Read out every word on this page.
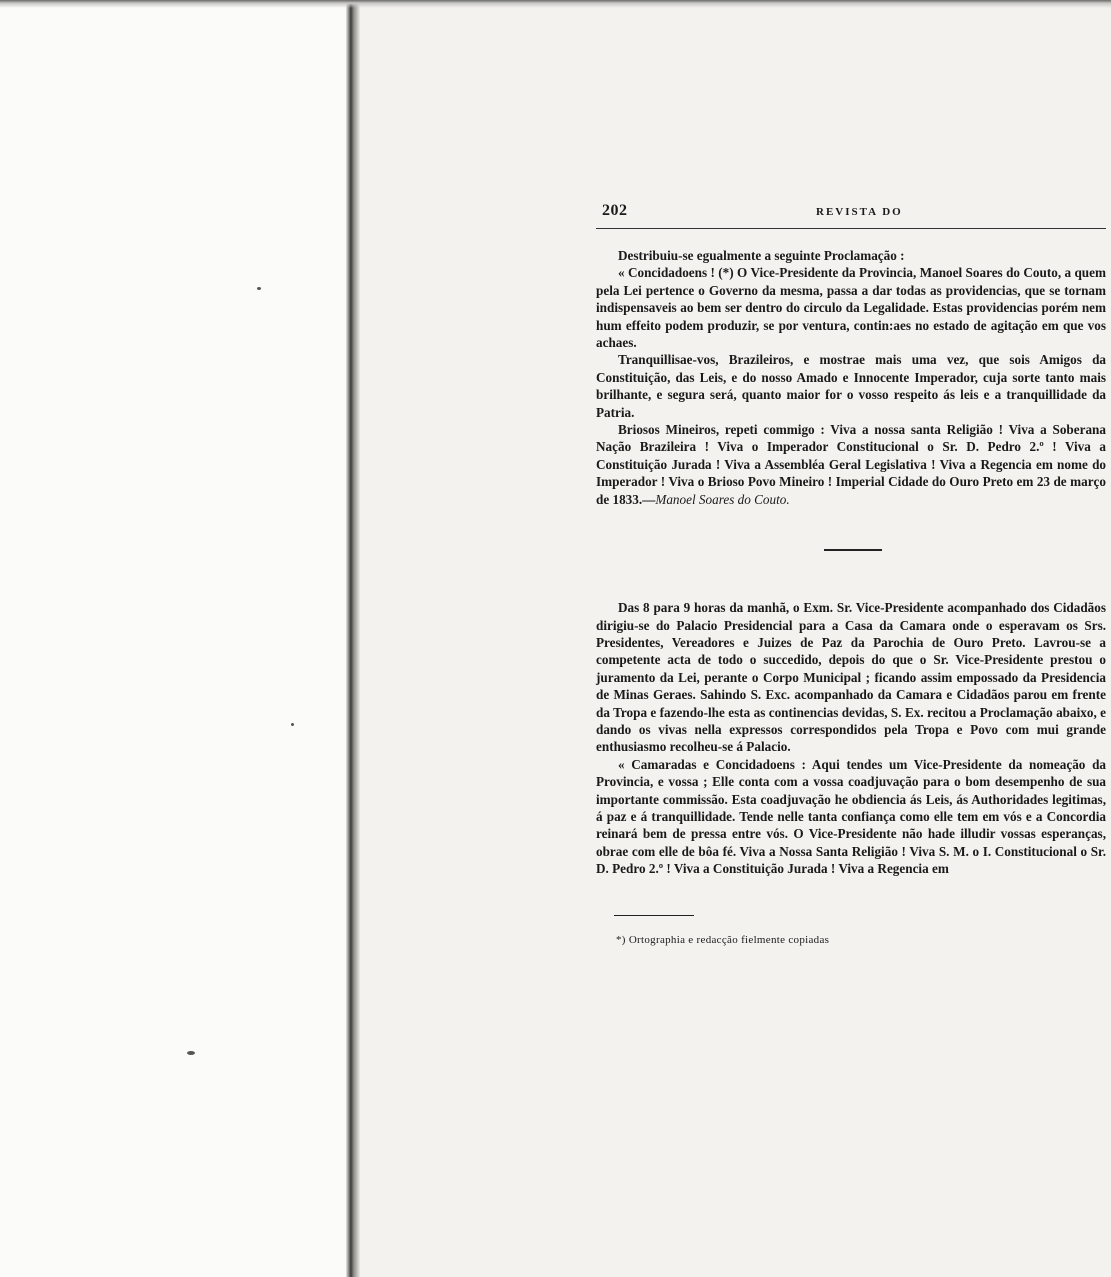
202	REVISTA DO

Destribuiu-se egualmente a seguinte Proclamação :

« Concidadoens ! (*) O Vice-Presidente da Provincia, Manoel Soares do Couto, a quem pela Lei pertence o Governo da mesma, passa a dar todas as providencias, que se tornam indispensaveis ao bem ser dentro do circulo da Legalidade. Estas providencias porém nem hum effeito podem produzir, se por ventura, contin:aes no estado de agitação em que vos achaes.

Tranquillisae-vos, Brazileiros, e mostrae mais uma vez, que sois Amigos da Constituição, das Leis, e do nosso Amado e Innocente Imperador, cuja sorte tanto mais brilhante, e segura será, quanto maior for o vosso respeito ás leis e a tranquillidade da Patria.

Briosos Mineiros, repeti commigo : Viva a nossa santa Religião ! Viva a Soberana Nação Brazileira ! Viva o Imperador Constitucional o Sr. D. Pedro 2.º ! Viva a Constituição Jurada ! Viva a Assembléa Geral Legislativa ! Viva a Regencia em nome do Imperador ! Viva o Brioso Povo Mineiro ! Imperial Cidade do Ouro Preto em 23 de março de 1833.—Manoel Soares do Couto.

Das 8 para 9 horas da manhã, o Exm. Sr. Vice-Presidente acompanhado dos Cidadãos dirigiu-se do Palacio Presidencial para a Casa da Camara onde o esperavam os Srs. Presidentes, Vereadores e Juizes de Paz da Parochia de Ouro Preto. Lavrou-se a competente acta de todo o succedido, depois do que o Sr. Vice-Presidente prestou o juramento da Lei, perante o Corpo Municipal ; ficando assim empossado da Presidencia de Minas Geraes. Sahindo S. Exc. acompanhado da Camara e Cidadãos parou em frente da Tropa e fazendo-lhe esta as continencias devidas, S. Ex. recitou a Proclamação abaixo, e dando os vivas nella expressos correspondidos pela Tropa e Povo com mui grande enthusiasmo recolheu-se á Palacio.

« Camaradas e Concidadoens : Aqui tendes um Vice-Presidente da nomeação da Provincia, e vossa ; Elle conta com a vossa coadjuvação para o bom desempenho de sua importante commissão. Esta coadjuvação he obdiencia ás Leis, ás Authoridades legitimas, á paz e á tranquillidade. Tende nelle tanta confiança como elle tem em vós e a Concordia reinará bem de pressa entre vós. O Vice-Presidente não hade illudir vossas esperanças, obrae com elle de bôa fé. Viva a Nossa Santa Religião ! Viva S. M. o I. Constitucional o Sr. D. Pedro 2.º ! Viva a Constituição Jurada ! Viva a Regencia em

*) Ortographia e redacção fielmente copiadas
